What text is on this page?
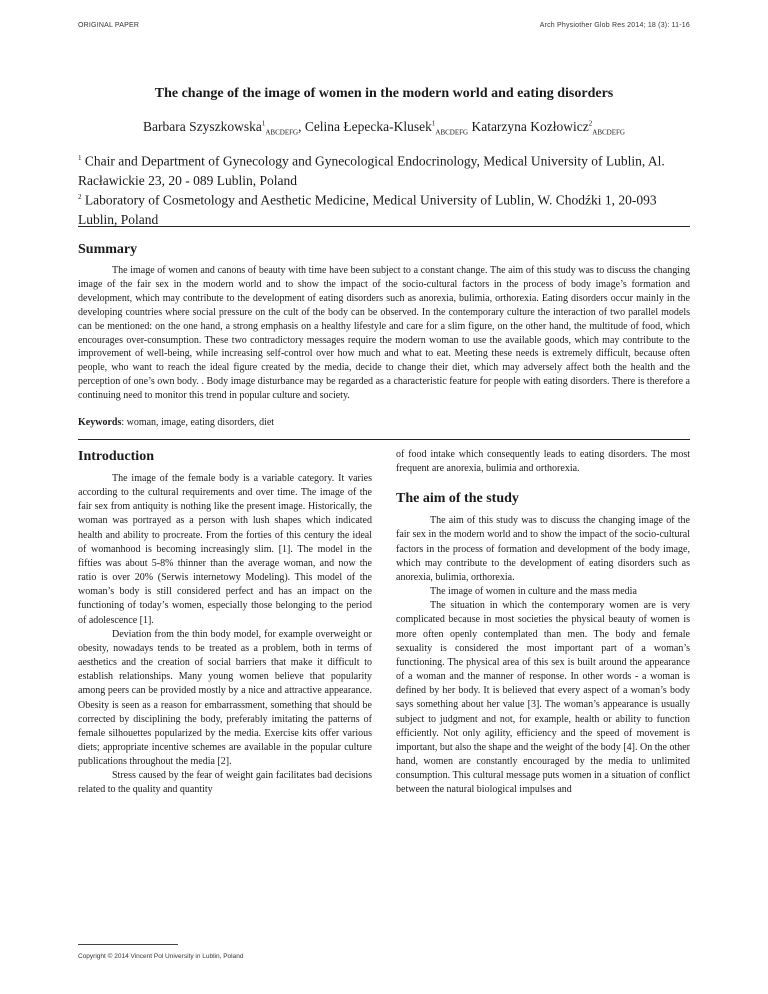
ORIGINAL PAPER	Arch Physiother Glob Res 2014; 18 (3): 11-16
The change of the image of women in the modern world and eating disorders
Barbara Szyszkowska$^1_{ABCDEFG}$, Celina Łepecka-Klusek$^1_{ABCDEFG}$ Katarzyna Kozłowicz$^2_{ABCDEFG}$
$^1$ Chair and Department of Gynecology and Gynecological Endocrinology, Medical University of Lublin, Al. Racławickie 23, 20 - 089 Lublin, Poland
$^2$ Laboratory of Cosmetology and Aesthetic Medicine, Medical University of Lublin, W. Chodźki 1, 20-093 Lublin, Poland
Summary

The image of women and canons of beauty with time have been subject to a constant change. The aim of this study was to discuss the changing image of the fair sex in the modern world and to show the impact of the socio-cultural factors in the process of body image’s formation and development, which may contribute to the development of eating disorders such as anorexia, bulimia, orthorexia. Eating disorders occur mainly in the developing countries where social pressure on the cult of the body can be observed. In the contemporary culture the interaction of two parallel models can be mentioned: on the one hand, a strong emphasis on a healthy lifestyle and care for a slim figure, on the other hand, the multitude of food, which encourages over-consumption. These two contradictory messages require the modern woman to use the available goods, which may contribute to the improvement of well-being, while increasing self-control over how much and what to eat. Meeting these needs is extremely difficult, because often people, who want to reach the ideal figure created by the media, decide to change their diet, which may adversely affect both the health and the perception of one’s own body. . Body image disturbance may be regarded as a characteristic feature for people with eating disorders. There is therefore a continuing need to monitor this trend in popular culture and society.

Keywords: woman, image, eating disorders, diet
Introduction

The image of the female body is a variable category. It varies according to the cultural requirements and over time. The image of the fair sex from antiquity is nothing like the present image. Historically, the woman was portrayed as a person with lush shapes which indicated health and ability to procreate. From the forties of this century the ideal of womanhood is becoming increasingly slim. [1]. The model in the fifties was about 5-8% thinner than the average woman, and now the ratio is over 20% (Serwis internetowy Modeling). This model of the woman’s body is still considered perfect and has an impact on the functioning of today’s women, especially those belonging to the period of adolescence [1].

Deviation from the thin body model, for example overweight or obesity, nowadays tends to be treated as a problem, both in terms of aesthetics and the creation of social barriers that make it difficult to establish relationships. Many young women believe that popularity among peers can be provided mostly by a nice and attractive appearance. Obesity is seen as a reason for embarrassment, something that should be corrected by disciplining the body, preferably imitating the patterns of female silhouettes popularized by the media. Exercise kits offer various diets; appropriate incentive schemes are available in the popular culture publications throughout the media [2].

Stress caused by the fear of weight gain facilitates bad decisions related to the quality and quantity

of food intake which consequently leads to eating disorders. The most frequent are anorexia, bulimia and orthorexia.

The aim of the study

The aim of this study was to discuss the changing image of the fair sex in the modern world and to show the impact of the socio-cultural factors in the process of formation and development of the body image, which may contribute to the development of eating disorders such as anorexia, bulimia, orthorexia.

The image of women in culture and the mass media

The situation in which the contemporary women are is very complicated because in most societies the physical beauty of women is more often openly contemplated than men. The body and female sexuality is considered the most important part of a woman’s functioning. The physical area of this sex is built around the appearance of a woman and the manner of response. In other words - a woman is defined by her body. It is believed that every aspect of a woman’s body says something about her value [3]. The woman’s appearance is usually subject to judgment and not, for example, health or ability to function efficiently. Not only agility, efficiency and the speed of movement is important, but also the shape and the weight of the body [4]. On the other hand, women are constantly encouraged by the media to unlimited consumption. This cultural message puts women in a situation of conflict between the natural biological impulses and

Copyright © 2014 Vincent Pol University in Lublin, Poland
